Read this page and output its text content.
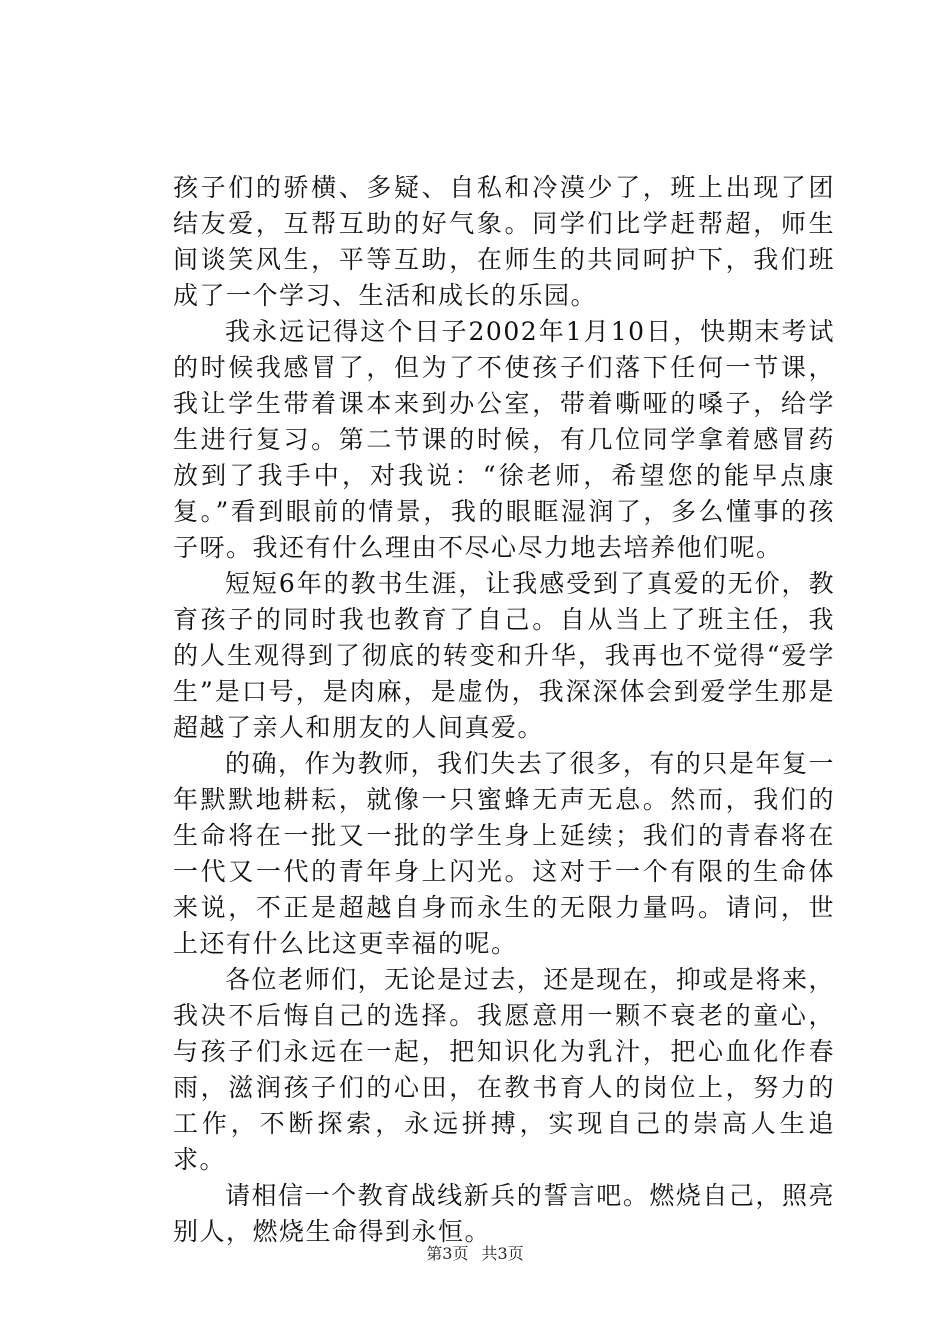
孩子们的骄横、多疑、自私和冷漠少了，班上出现了团结友爱，互帮互助的好气象。同学们比学赶帮超，师生间谈笑风生，平等互助，在师生的共同呵护下，我们班成了一个学习、生活和成长的乐园。

我永远记得这个日子2002年1月10日，快期末考试的时候我感冒了，但为了不使孩子们落下任何一节课，我让学生带着课本来到办公室，带着嘶哑的嗓子，给学生进行复习。第二节课的时候，有几位同学拿着感冒药放到了我手中，对我说：“徐老师，希望您的能早点康复。”看到眼前的情景，我的眼眶湿润了，多么懂事的孩子呀。我还有什么理由不尽心尽力地去培养他们呢。

短短6年的教书生涯，让我感受到了真爱的无价，教育孩子的同时我也教育了自己。自从当上了班主任，我的人生观得到了彻底的转变和升华，我再也不觉得“爱学生”是口号，是肉麻，是虚伪，我深深体会到爱学生那是超越了亲人和朋友的人间真爱。

的确，作为教师，我们失去了很多，有的只是年复一年默默地耕耘，就像一只蜜蜂无声无息。然而，我们的生命将在一批又一批的学生身上延续；我们的青春将在一代又一代的青年身上闪光。这对于一个有限的生命体来说，不正是超越自身而永生的无限力量吗。请问，世上还有什么比这更幸福的呢。

各位老师们，无论是过去，还是现在，抑或是将来，我决不后悔自己的选择。我愿意用一颗不衰老的童心，与孩子们永远在一起，把知识化为乳汁，把心血化作春雨，滋润孩子们的心田，在教书育人的岗位上，努力的工作，不断探索，永远拼搏，实现自己的崇高人生追求。

请相信一个教育战线新兵的誓言吧。燃烧自己，照亮别人，燃烧生命得到永恒。

第3页 共3页
